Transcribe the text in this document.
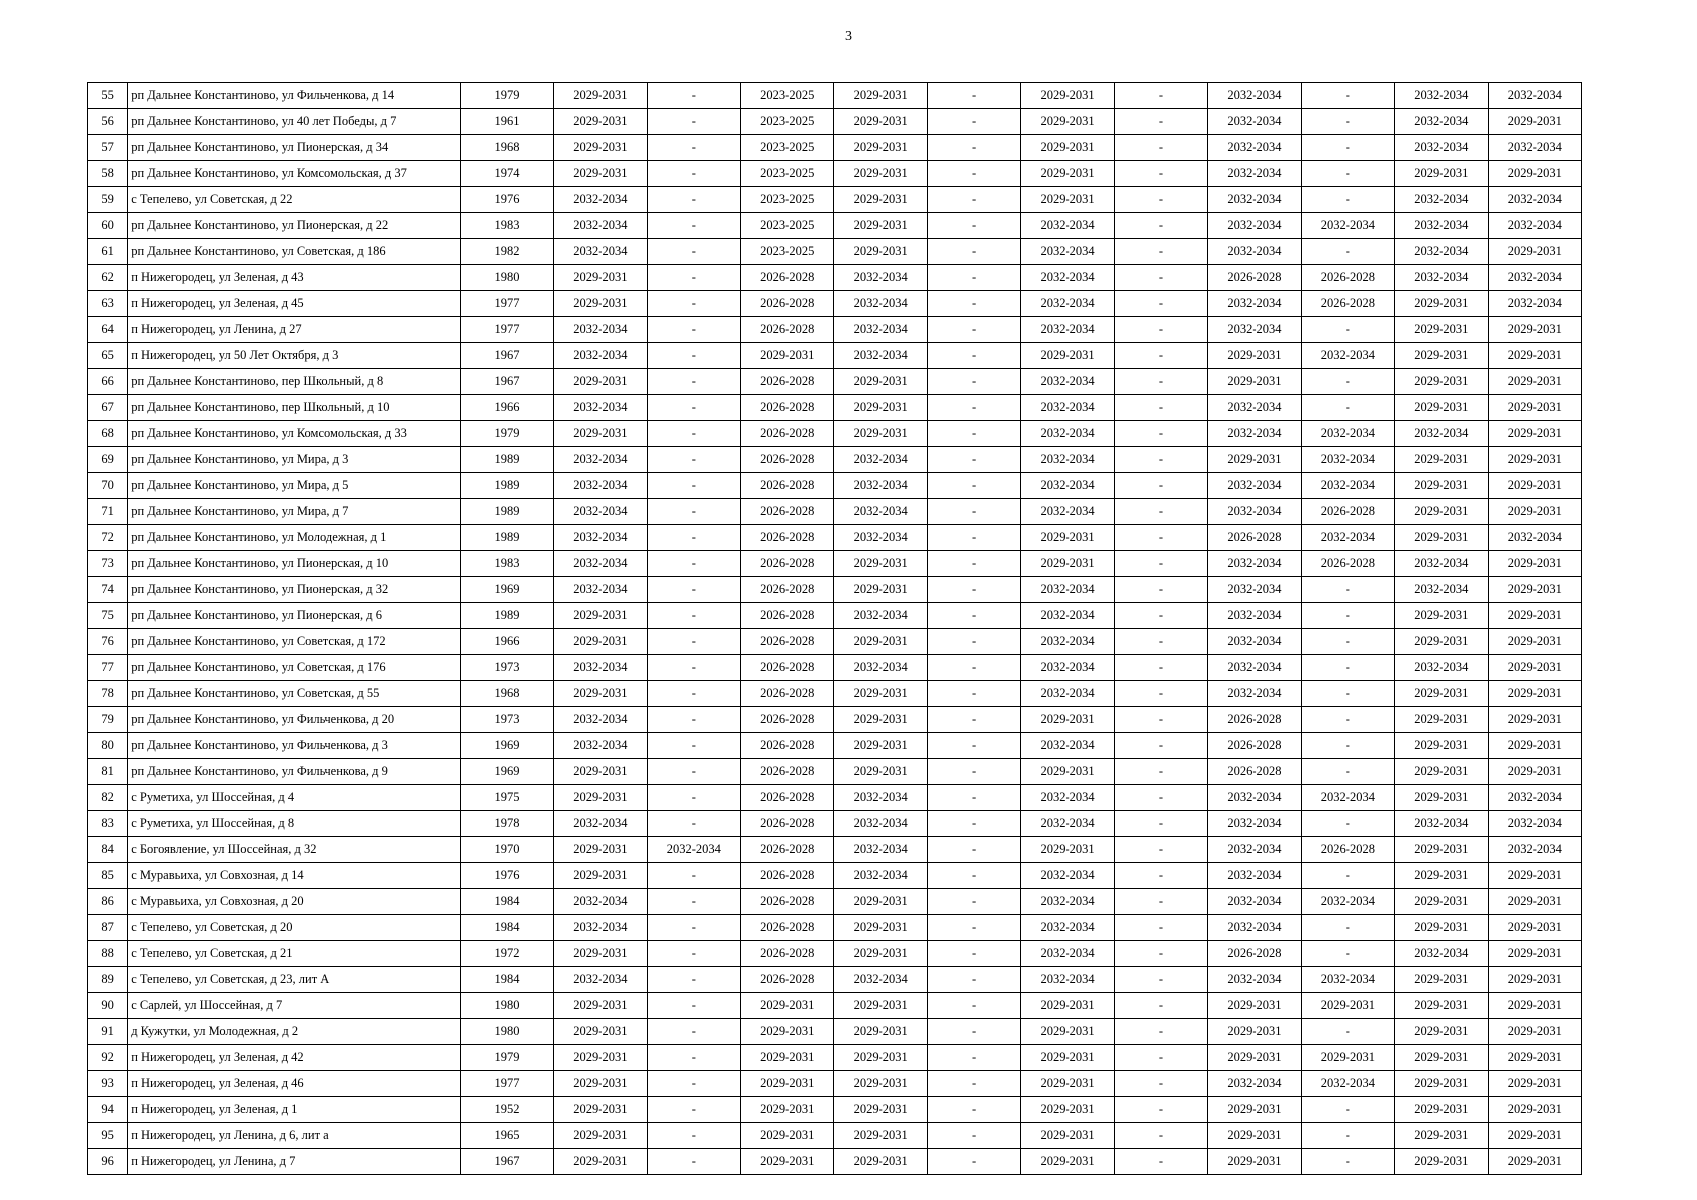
3
55	рп Дальнее Константиново, ул Фильченкова, д 14	1979	2029-2031	-	2023-2025	2029-2031	-	2029-2031	-	2032-2034	-	2032-2034	2032-2034
56	рп Дальнее Константиново, ул 40 лет Победы, д 7	1961	2029-2031	-	2023-2025	2029-2031	-	2029-2031	-	2032-2034	-	2032-2034	2029-2031
57	рп Дальнее Константиново, ул Пионерская, д 34	1968	2029-2031	-	2023-2025	2029-2031	-	2029-2031	-	2032-2034	-	2032-2034	2032-2034
58	рп Дальнее Константиново, ул Комсомольская, д 37	1974	2029-2031	-	2023-2025	2029-2031	-	2029-2031	-	2032-2034	-	2029-2031	2029-2031
59	с Тепелево, ул Советская, д 22	1976	2032-2034	-	2023-2025	2029-2031	-	2029-2031	-	2032-2034	-	2032-2034	2032-2034
60	рп Дальнее Константиново, ул Пионерская, д 22	1983	2032-2034	-	2023-2025	2029-2031	-	2032-2034	-	2032-2034	2032-2034	2032-2034	2032-2034
61	рп Дальнее Константиново, ул Советская, д 186	1982	2032-2034	-	2023-2025	2029-2031	-	2032-2034	-	2032-2034	-	2032-2034	2029-2031
62	п Нижегородец, ул Зеленая, д 43	1980	2029-2031	-	2026-2028	2032-2034	-	2032-2034	-	2026-2028	2026-2028	2032-2034	2032-2034
63	п Нижегородец, ул Зеленая, д 45	1977	2029-2031	-	2026-2028	2032-2034	-	2032-2034	-	2032-2034	2026-2028	2029-2031	2032-2034
64	п Нижегородец, ул Ленина, д 27	1977	2032-2034	-	2026-2028	2032-2034	-	2032-2034	-	2032-2034	-	2029-2031	2029-2031
65	п Нижегородец, ул 50 Лет Октября, д 3	1967	2032-2034	-	2029-2031	2032-2034	-	2029-2031	-	2029-2031	2032-2034	2029-2031	2029-2031
66	рп Дальнее Константиново, пер Школьный, д 8	1967	2029-2031	-	2026-2028	2029-2031	-	2032-2034	-	2029-2031	-	2029-2031	2029-2031
67	рп Дальнее Константиново, пер Школьный, д 10	1966	2032-2034	-	2026-2028	2029-2031	-	2032-2034	-	2032-2034	-	2029-2031	2029-2031
68	рп Дальнее Константиново, ул Комсомольская, д 33	1979	2029-2031	-	2026-2028	2029-2031	-	2032-2034	-	2032-2034	2032-2034	2032-2034	2029-2031
69	рп Дальнее Константиново, ул Мира, д 3	1989	2032-2034	-	2026-2028	2032-2034	-	2032-2034	-	2029-2031	2032-2034	2029-2031	2029-2031
70	рп Дальнее Константиново, ул Мира, д 5	1989	2032-2034	-	2026-2028	2032-2034	-	2032-2034	-	2032-2034	2032-2034	2029-2031	2029-2031
71	рп Дальнее Константиново, ул Мира, д 7	1989	2032-2034	-	2026-2028	2032-2034	-	2032-2034	-	2032-2034	2026-2028	2029-2031	2029-2031
72	рп Дальнее Константиново, ул Молодежная, д 1	1989	2032-2034	-	2026-2028	2032-2034	-	2029-2031	-	2026-2028	2032-2034	2029-2031	2032-2034
73	рп Дальнее Константиново, ул Пионерская, д 10	1983	2032-2034	-	2026-2028	2029-2031	-	2029-2031	-	2032-2034	2026-2028	2032-2034	2029-2031
74	рп Дальнее Константиново, ул Пионерская, д 32	1969	2032-2034	-	2026-2028	2029-2031	-	2032-2034	-	2032-2034	-	2032-2034	2029-2031
75	рп Дальнее Константиново, ул Пионерская, д 6	1989	2029-2031	-	2026-2028	2032-2034	-	2032-2034	-	2032-2034	-	2029-2031	2029-2031
76	рп Дальнее Константиново, ул Советская, д 172	1966	2029-2031	-	2026-2028	2029-2031	-	2032-2034	-	2032-2034	-	2029-2031	2029-2031
77	рп Дальнее Константиново, ул Советская, д 176	1973	2032-2034	-	2026-2028	2032-2034	-	2032-2034	-	2032-2034	-	2032-2034	2029-2031
78	рп Дальнее Константиново, ул Советская, д 55	1968	2029-2031	-	2026-2028	2029-2031	-	2032-2034	-	2032-2034	-	2029-2031	2029-2031
79	рп Дальнее Константиново, ул Фильченкова, д 20	1973	2032-2034	-	2026-2028	2029-2031	-	2029-2031	-	2026-2028	-	2029-2031	2029-2031
80	рп Дальнее Константиново, ул Фильченкова, д 3	1969	2032-2034	-	2026-2028	2029-2031	-	2032-2034	-	2026-2028	-	2029-2031	2029-2031
81	рп Дальнее Константиново, ул Фильченкова, д 9	1969	2029-2031	-	2026-2028	2029-2031	-	2029-2031	-	2026-2028	-	2029-2031	2029-2031
82	с Руметиха, ул Шоссейная, д 4	1975	2029-2031	-	2026-2028	2032-2034	-	2032-2034	-	2032-2034	2032-2034	2029-2031	2032-2034
83	с Руметиха, ул Шоссейная, д 8	1978	2032-2034	-	2026-2028	2032-2034	-	2032-2034	-	2032-2034	-	2032-2034	2032-2034
84	с Богоявление, ул Шоссейная, д 32	1970	2029-2031	2032-2034	2026-2028	2032-2034	-	2029-2031	-	2032-2034	2026-2028	2029-2031	2032-2034
85	с Муравьиха, ул Совхозная, д 14	1976	2029-2031	-	2026-2028	2032-2034	-	2032-2034	-	2032-2034	-	2029-2031	2029-2031
86	с Муравьиха, ул Совхозная, д 20	1984	2032-2034	-	2026-2028	2029-2031	-	2032-2034	-	2032-2034	2032-2034	2029-2031	2029-2031
87	с Тепелево, ул Советская, д 20	1984	2032-2034	-	2026-2028	2029-2031	-	2032-2034	-	2032-2034	-	2029-2031	2029-2031
88	с Тепелево, ул Советская, д 21	1972	2029-2031	-	2026-2028	2029-2031	-	2032-2034	-	2026-2028	-	2032-2034	2029-2031
89	с Тепелево, ул Советская, д 23, лит А	1984	2032-2034	-	2026-2028	2032-2034	-	2032-2034	-	2032-2034	2032-2034	2029-2031	2029-2031
90	с Сарлей, ул Шоссейная, д 7	1980	2029-2031	-	2029-2031	2029-2031	-	2029-2031	-	2029-2031	2029-2031	2029-2031	2029-2031
91	д Кужутки, ул Молодежная, д 2	1980	2029-2031	-	2029-2031	2029-2031	-	2029-2031	-	2029-2031	-	2029-2031	2029-2031
92	п Нижегородец, ул Зеленая, д 42	1979	2029-2031	-	2029-2031	2029-2031	-	2029-2031	-	2029-2031	2029-2031	2029-2031	2029-2031
93	п Нижегородец, ул Зеленая, д 46	1977	2029-2031	-	2029-2031	2029-2031	-	2029-2031	-	2032-2034	2032-2034	2029-2031	2029-2031
94	п Нижегородец, ул Зеленая, д 1	1952	2029-2031	-	2029-2031	2029-2031	-	2029-2031	-	2029-2031	-	2029-2031	2029-2031
95	п Нижегородец, ул Ленина, д 6, лит а	1965	2029-2031	-	2029-2031	2029-2031	-	2029-2031	-	2029-2031	-	2029-2031	2029-2031
96	п Нижегородец, ул Ленина, д 7	1967	2029-2031	-	2029-2031	2029-2031	-	2029-2031	-	2029-2031	-	2029-2031	2029-2031
